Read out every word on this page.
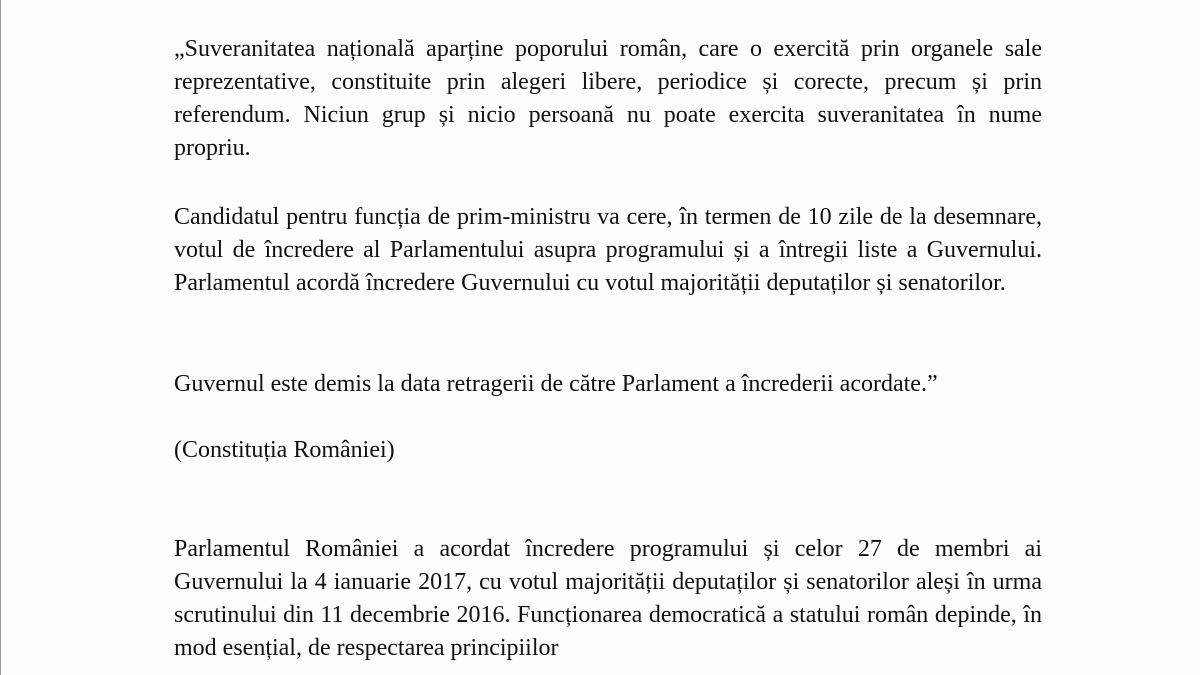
„Suveranitatea națională aparține poporului român, care o exercită prin organele sale reprezentative, constituite prin alegeri libere, periodice și corecte, precum și prin referendum. Niciun grup și nicio persoană nu poate exercita suveranitatea în nume propriu.

Candidatul pentru funcția de prim-ministru va cere, în termen de 10 zile de la desemnare, votul de încredere al Parlamentului asupra programului și a întregii liste a Guvernului. Parlamentul acordă încredere Guvernului cu votul majorității deputaților și senatorilor.

Guvernul este demis la data retragerii de către Parlament a încrederii acordate.”

(Constituția României)

Parlamentul României a acordat încredere programului și celor 27 de membri ai Guvernului la 4 ianuarie 2017, cu votul majorității deputaților și senatorilor aleși în urma scrutinului din 11 decembrie 2016. Funcționarea democratică a statului român depinde, în mod esențial, de respectarea principiilor
